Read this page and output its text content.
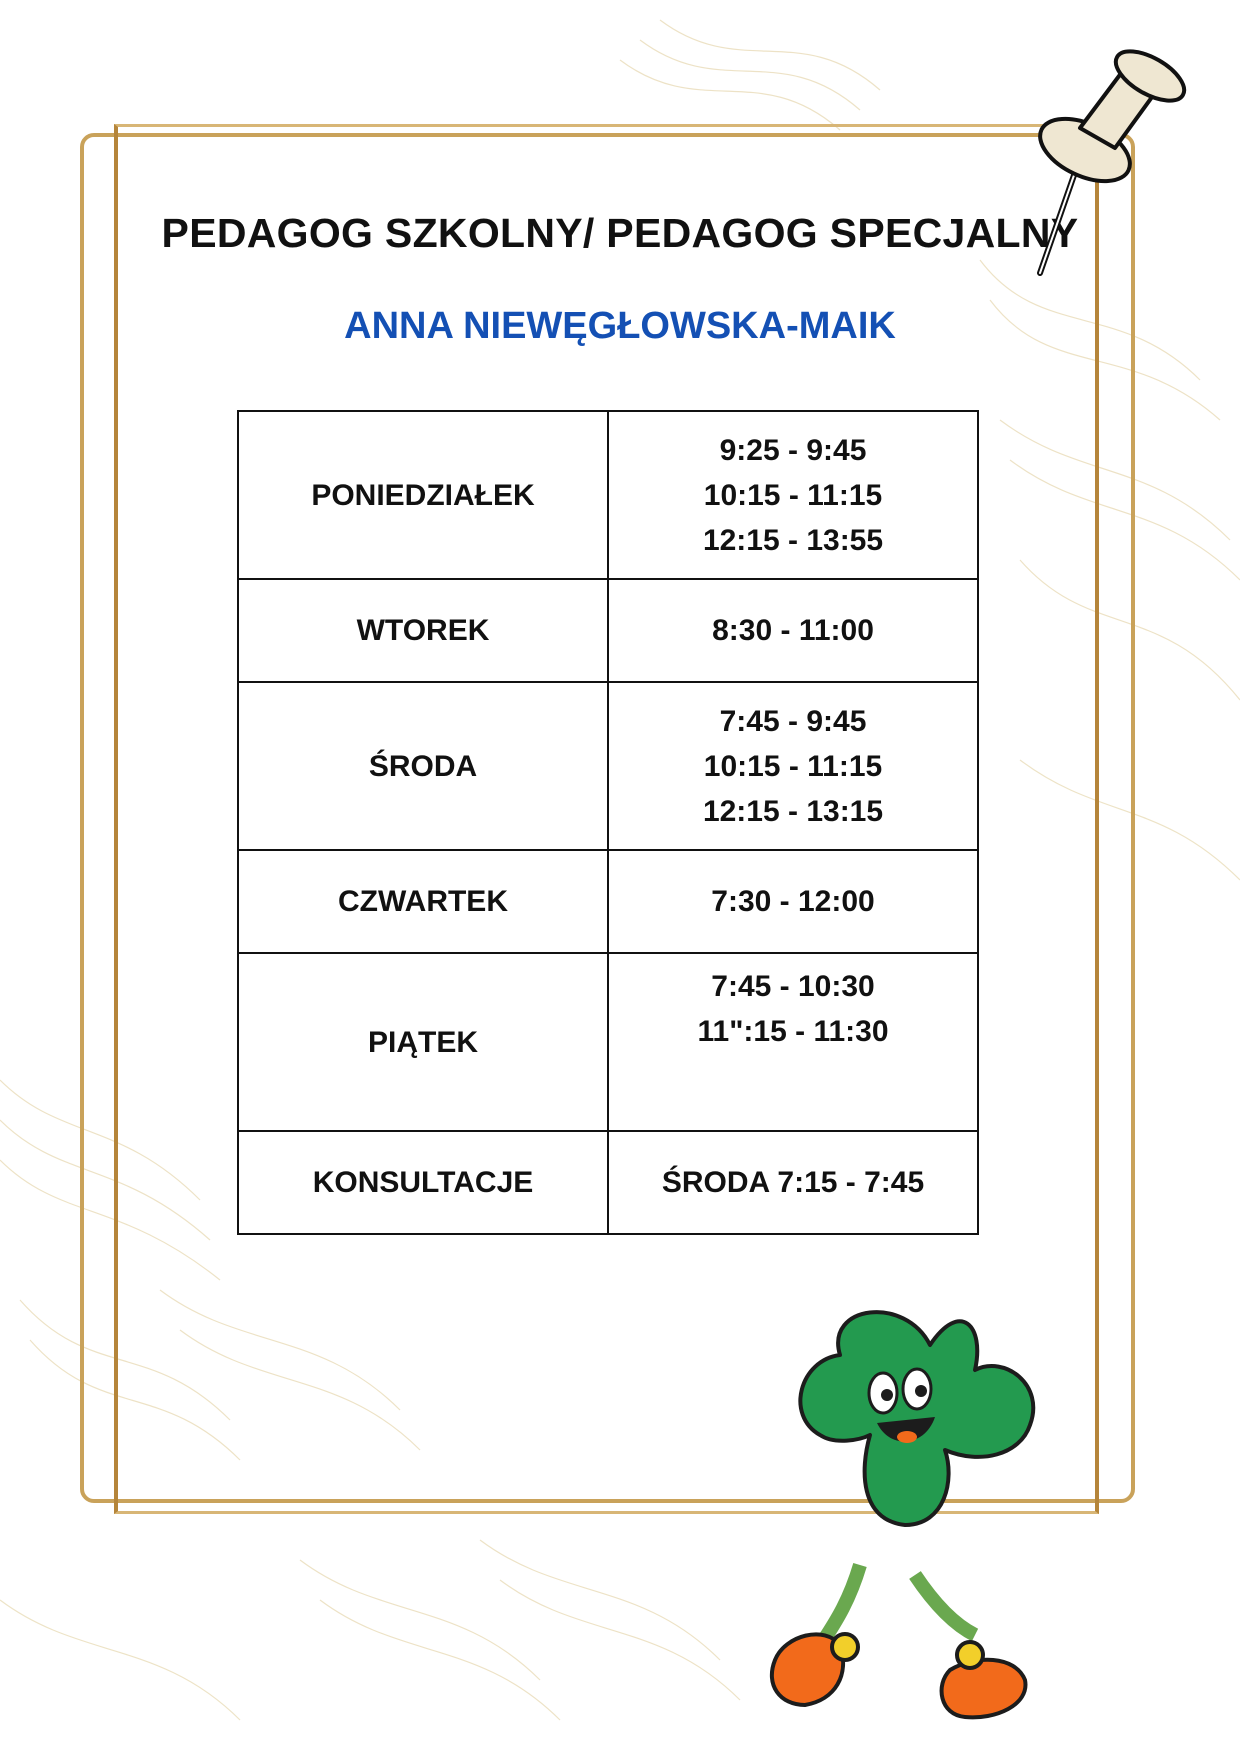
PEDAGOG SZKOLNY/ PEDAGOG SPECJALNY
ANNA NIEWĘGŁOWSKA-MAIK
PONIEDZIAŁEK	9:25 - 9:45
10:15 - 11:15
12:15 - 13:55

WTOREK	8:30 - 11:00

ŚRODA	7:45 - 9:45
10:15 - 11:15
12:15 - 13:15

CZWARTEK	7:30 - 12:00

PIĄTEK	7:45 - 10:30
11":15 - 11:30

KONSULTACJE	ŚRODA 7:15 - 7:45
